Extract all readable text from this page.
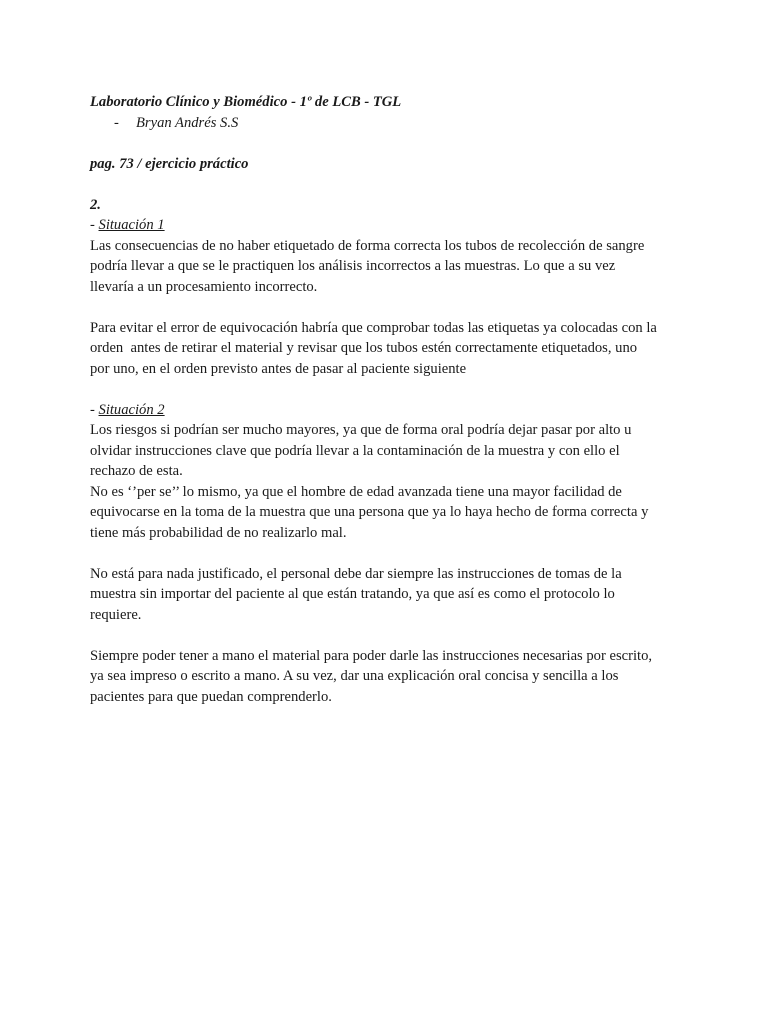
Laboratorio Clínico y Biomédico - 1º de LCB - TGL

- Bryan Andrés S.S

pag. 73 / ejercicio práctico

2.

- Situación 1

Las consecuencias de no haber etiquetado de forma correcta los tubos de recolección de sangre

podría llevar a que se le practiquen los análisis incorrectos a las muestras. Lo que a su vez

llevaría a un procesamiento incorrecto.

Para evitar el error de equivocación habría que comprobar todas las etiquetas ya colocadas con la

orden  antes de retirar el material y revisar que los tubos estén correctamente etiquetados, uno

por uno, en el orden previsto antes de pasar al paciente siguiente

- Situación 2

Los riesgos si podrían ser mucho mayores, ya que de forma oral podría dejar pasar por alto u

olvidar instrucciones clave que podría llevar a la contaminación de la muestra y con ello el

rechazo de esta.

No es ‘’per se’’ lo mismo, ya que el hombre de edad avanzada tiene una mayor facilidad de

equivocarse en la toma de la muestra que una persona que ya lo haya hecho de forma correcta y

tiene más probabilidad de no realizarlo mal.

No está para nada justificado, el personal debe dar siempre las instrucciones de tomas de la

muestra sin importar del paciente al que están tratando, ya que así es como el protocolo lo

requiere.

Siempre poder tener a mano el material para poder darle las instrucciones necesarias por escrito,

ya sea impreso o escrito a mano. A su vez, dar una explicación oral concisa y sencilla a los

pacientes para que puedan comprenderlo.
